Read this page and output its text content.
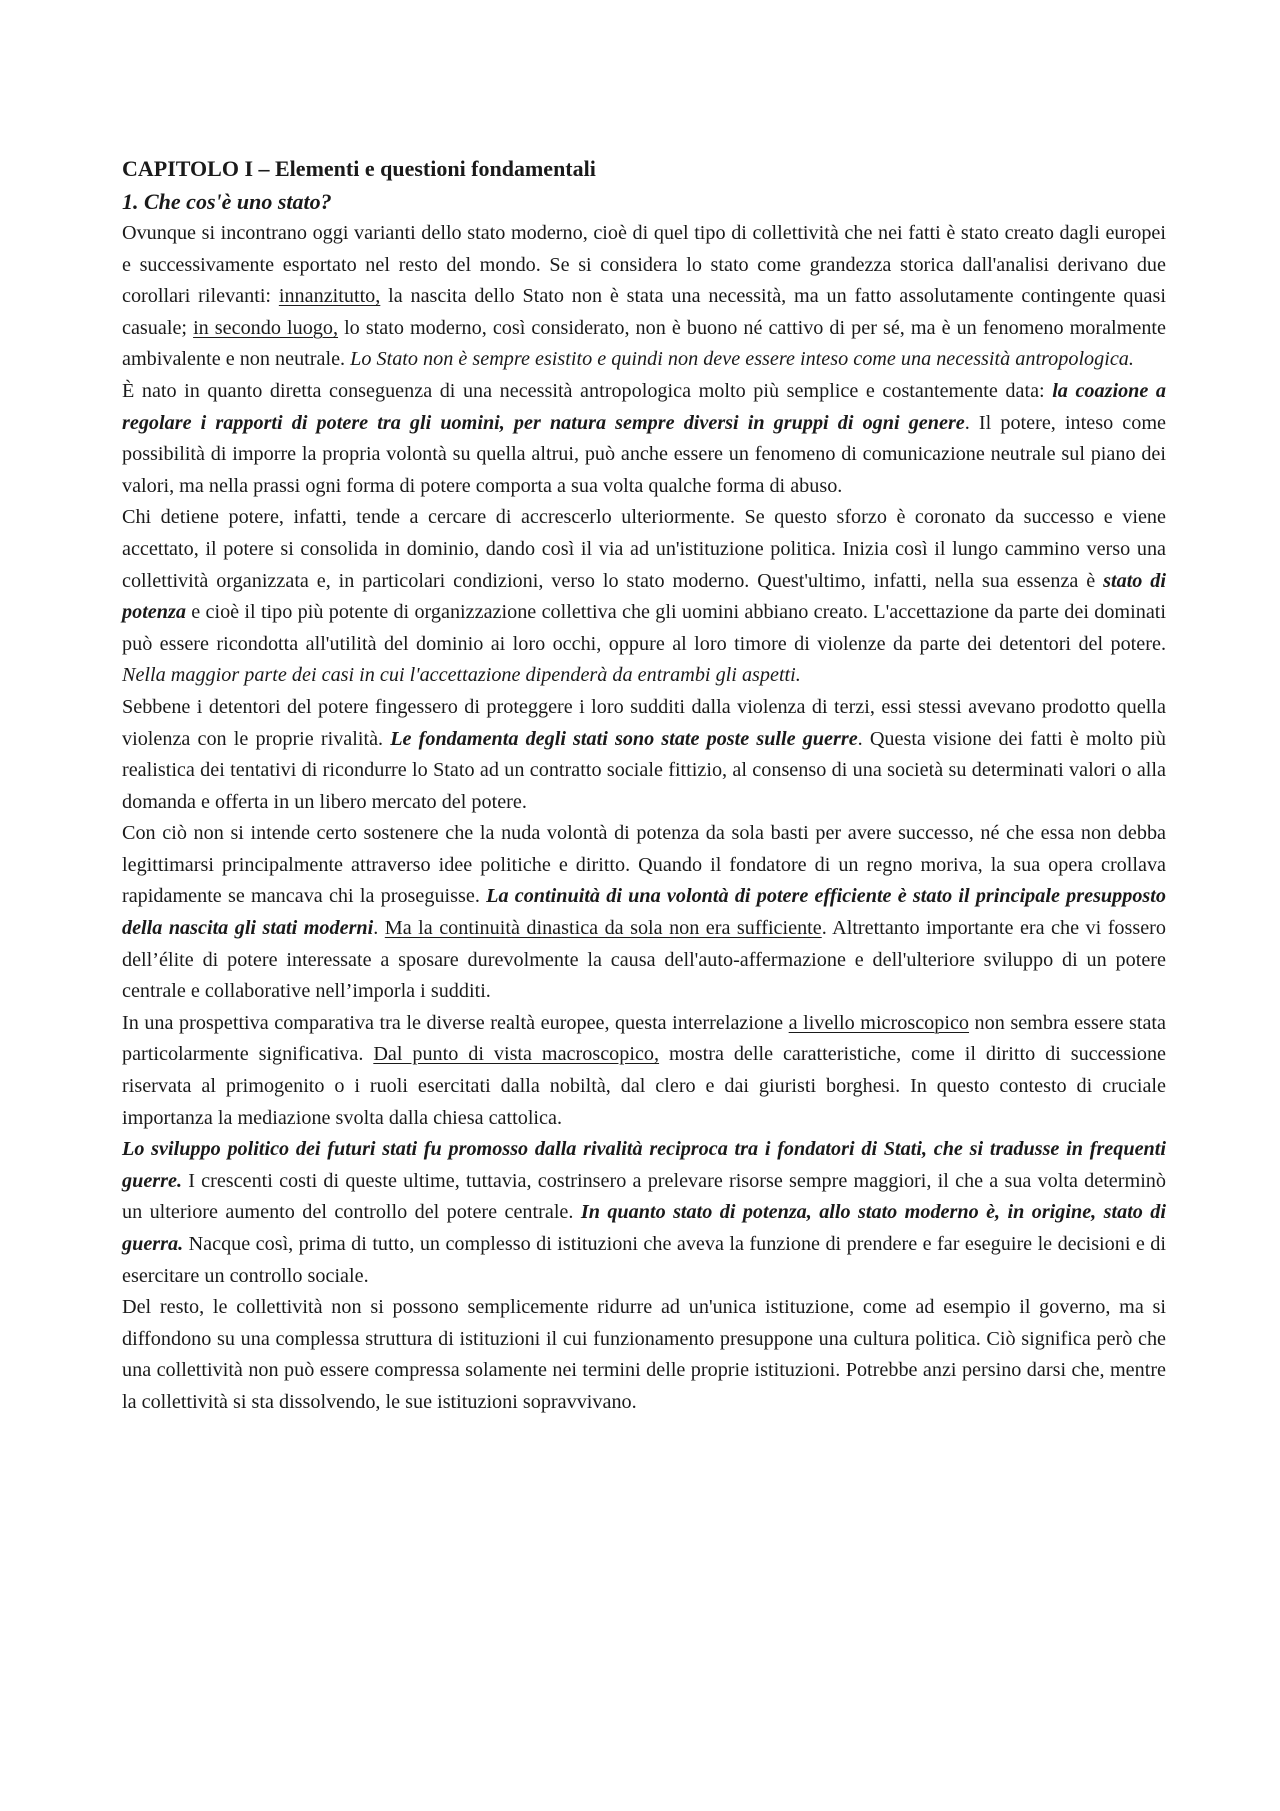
CAPITOLO I – Elementi e questioni fondamentali
1. Che cos'è uno stato?

Ovunque si incontrano oggi varianti dello stato moderno, cioè di quel tipo di collettività che nei fatti è stato creato dagli europei e successivamente esportato nel resto del mondo. Se si considera lo stato come grandezza storica dall'analisi derivano due corollari rilevanti: innanzitutto, la nascita dello Stato non è stata una necessità, ma un fatto assolutamente contingente quasi casuale; in secondo luogo, lo stato moderno, così considerato, non è buono né cattivo di per sé, ma è un fenomeno moralmente ambivalente e non neutrale. Lo Stato non è sempre esistito e quindi non deve essere inteso come una necessità antropologica.

È nato in quanto diretta conseguenza di una necessità antropologica molto più semplice e costantemente data: la coazione a regolare i rapporti di potere tra gli uomini, per natura sempre diversi in gruppi di ogni genere. Il potere, inteso come possibilità di imporre la propria volontà su quella altrui, può anche essere un fenomeno di comunicazione neutrale sul piano dei valori, ma nella prassi ogni forma di potere comporta a sua volta qualche forma di abuso.

Chi detiene potere, infatti, tende a cercare di accrescerlo ulteriormente. Se questo sforzo è coronato da successo e viene accettato, il potere si consolida in dominio, dando così il via ad un'istituzione politica. Inizia così il lungo cammino verso una collettività organizzata e, in particolari condizioni, verso lo stato moderno. Quest'ultimo, infatti, nella sua essenza è stato di potenza e cioè il tipo più potente di organizzazione collettiva che gli uomini abbiano creato. L'accettazione da parte dei dominati può essere ricondotta all'utilità del dominio ai loro occhi, oppure al loro timore di violenze da parte dei detentori del potere. Nella maggior parte dei casi in cui l'accettazione dipenderà da entrambi gli aspetti.

Sebbene i detentori del potere fingessero di proteggere i loro sudditi dalla violenza di terzi, essi stessi avevano prodotto quella violenza con le proprie rivalità. Le fondamenta degli stati sono state poste sulle guerre. Questa visione dei fatti è molto più realistica dei tentativi di ricondurre lo Stato ad un contratto sociale fittizio, al consenso di una società su determinati valori o alla domanda e offerta in un libero mercato del potere.

Con ciò non si intende certo sostenere che la nuda volontà di potenza da sola basti per avere successo, né che essa non debba legittimarsi principalmente attraverso idee politiche e diritto. Quando il fondatore di un regno moriva, la sua opera crollava rapidamente se mancava chi la proseguisse. La continuità di una volontà di potere efficiente è stato il principale presupposto della nascita gli stati moderni. Ma la continuità dinastica da sola non era sufficiente. Altrettanto importante era che vi fossero dell’élite di potere interessate a sposare durevolmente la causa dell'auto-affermazione e dell'ulteriore sviluppo di un potere centrale e collaborative nell’imporla i sudditi.

In una prospettiva comparativa tra le diverse realtà europee, questa interrelazione a livello microscopico non sembra essere stata particolarmente significativa. Dal punto di vista macroscopico, mostra delle caratteristiche, come il diritto di successione riservata al primogenito o i ruoli esercitati dalla nobiltà, dal clero e dai giuristi borghesi. In questo contesto di cruciale importanza la mediazione svolta dalla chiesa cattolica.

Lo sviluppo politico dei futuri stati fu promosso dalla rivalità reciproca tra i fondatori di Stati, che si tradusse in frequenti guerre. I crescenti costi di queste ultime, tuttavia, costrinsero a prelevare risorse sempre maggiori, il che a sua volta determinò un ulteriore aumento del controllo del potere centrale. In quanto stato di potenza, allo stato moderno è, in origine, stato di guerra. Nacque così, prima di tutto, un complesso di istituzioni che aveva la funzione di prendere e far eseguire le decisioni e di esercitare un controllo sociale.

Del resto, le collettività non si possono semplicemente ridurre ad un'unica istituzione, come ad esempio il governo, ma si diffondono su una complessa struttura di istituzioni il cui funzionamento presuppone una cultura politica. Ciò significa però che una collettività non può essere compressa solamente nei termini delle proprie istituzioni. Potrebbe anzi persino darsi che, mentre la collettività si sta dissolvendo, le sue istituzioni sopravvivano.
